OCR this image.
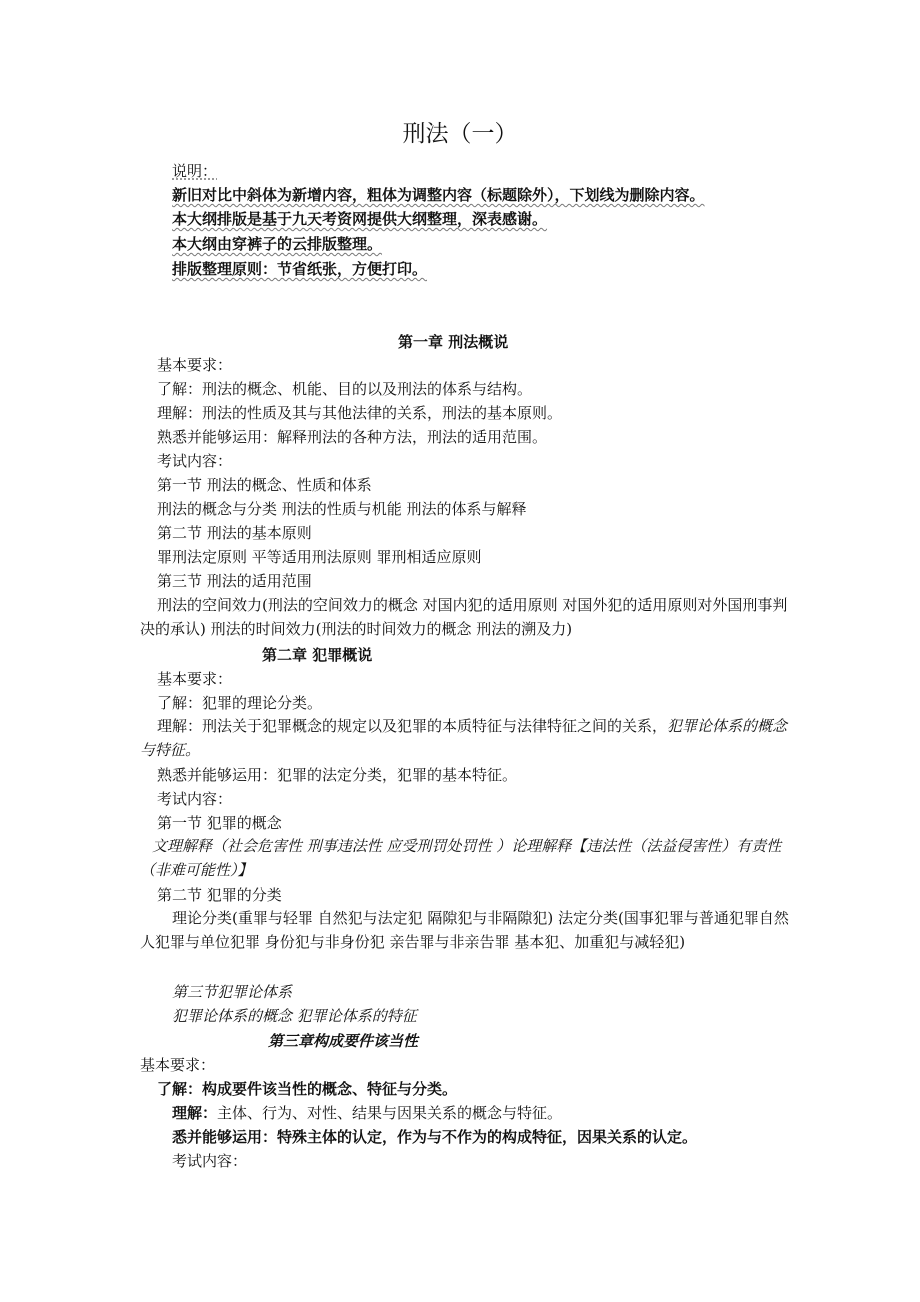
刑法（一）
说明：
新旧对比中斜体为新增内容，粗体为调整内容（标题除外），下划线为删除内容。
本大纲排版是基于九天考资网提供大纲整理，深表感谢。
本大纲由穿裤子的云排版整理。
排版整理原则：节省纸张，方便打印。
第一章 刑法概说
基本要求：
了解：刑法的概念、机能、目的以及刑法的体系与结构。
理解：刑法的性质及其与其他法律的关系，刑法的基本原则。
熟悉并能够运用：解释刑法的各种方法，刑法的适用范围。
考试内容：
第一节 刑法的概念、性质和体系
刑法的概念与分类 刑法的性质与机能 刑法的体系与解释
第二节 刑法的基本原则
罪刑法定原则 平等适用刑法原则 罪刑相适应原则
第三节 刑法的适用范围
刑法的空间效力(刑法的空间效力的概念 对国内犯的适用原则 对国外犯的适用原则对外国刑事判决的承认) 刑法的时间效力(刑法的时间效力的概念 刑法的溯及力)
第二章 犯罪概说
基本要求：
了解：犯罪的理论分类。
理解：刑法关于犯罪概念的规定以及犯罪的本质特征与法律特征之间的关系，犯罪论体系的概念与特征。
熟悉并能够运用：犯罪的法定分类，犯罪的基本特征。
考试内容：
第一节 犯罪的概念
文理解释（社会危害性 刑事违法性 应受刑罚处罚性 ）论理解释【违法性（法益侵害性）有责性（非难可能性）】
第二节 犯罪的分类
理论分类(重罪与轻罪 自然犯与法定犯 隔隙犯与非隔隙犯) 法定分类(国事犯罪与普通犯罪自然人犯罪与单位犯罪 身份犯与非身份犯 亲告罪与非亲告罪 基本犯、加重犯与减轻犯)
第三节犯罪论体系
犯罪论体系的概念 犯罪论体系的特征
第三章构成要件该当性
基本要求：
了解：构成要件该当性的概念、特征与分类。
理解：主体、行为、对性、结果与因果关系的概念与特征。
悉并能够运用：特殊主体的认定，作为与不作为的构成特征，因果关系的认定。
考试内容：
